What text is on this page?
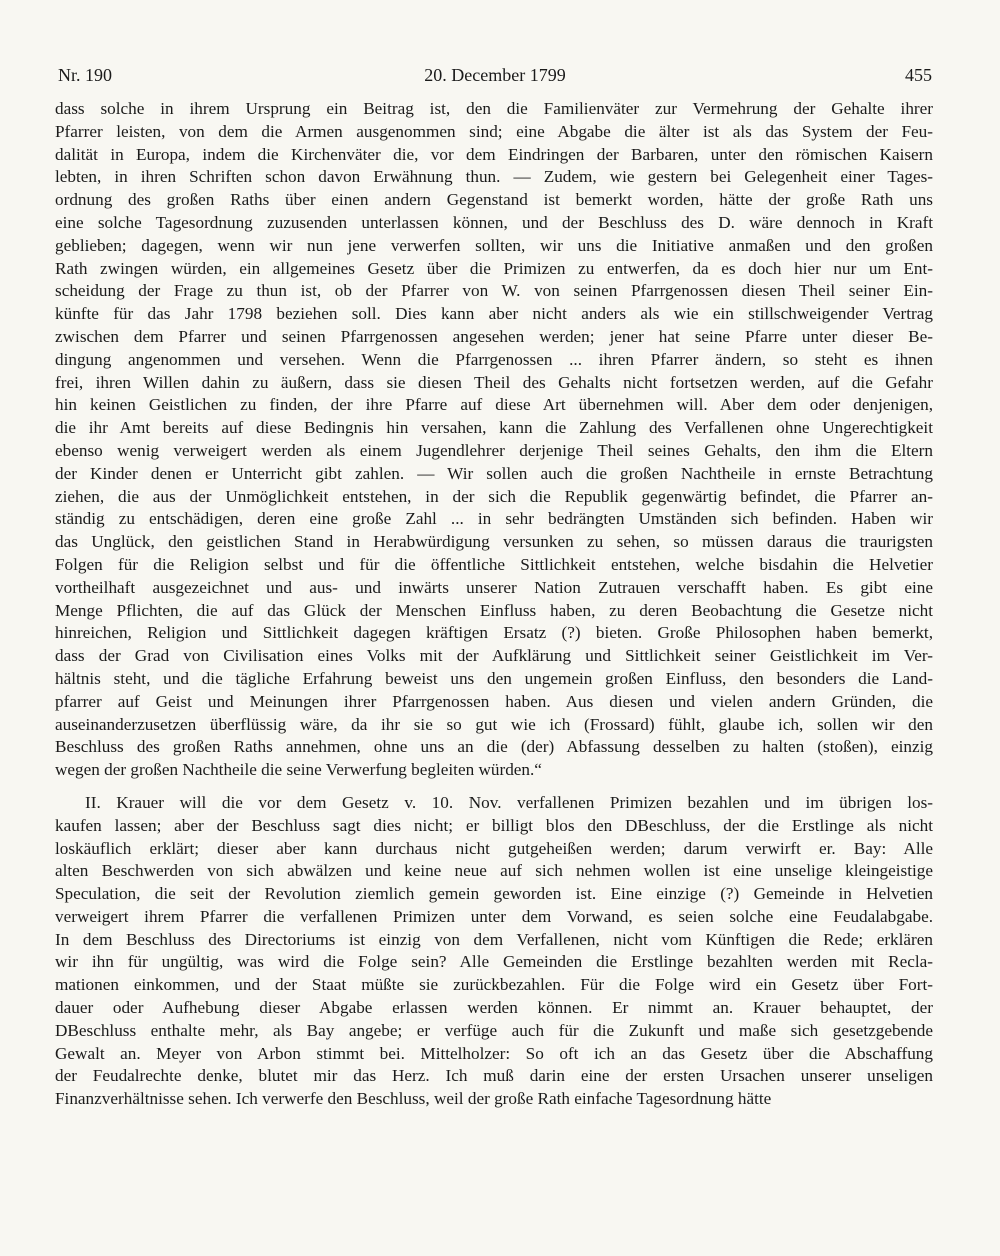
Nr. 190	20. December 1799	455
dass solche in ihrem Ursprung ein Beitrag ist, den die Familienväter zur Vermehrung der Gehalte ihrer
Pfarrer leisten, von dem die Armen ausgenommen sind; eine Abgabe die älter ist als das System der Feu-
dalität in Europa, indem die Kirchenväter die, vor dem Eindringen der Barbaren, unter den römischen Kaisern
lebten, in ihren Schriften schon davon Erwähnung thun. — Zudem, wie gestern bei Gelegenheit einer Tages-
ordnung des großen Raths über einen andern Gegenstand ist bemerkt worden, hätte der große Rath uns
eine solche Tagesordnung zuzusenden unterlassen können, und der Beschluss des D. wäre dennoch in Kraft
geblieben; dagegen, wenn wir nun jene verwerfen sollten, wir uns die Initiative anmaßen und den großen
Rath zwingen würden, ein allgemeines Gesetz über die Primizen zu entwerfen, da es doch hier nur um Ent-
scheidung der Frage zu thun ist, ob der Pfarrer von W. von seinen Pfarrgenossen diesen Theil seiner Ein-
künfte für das Jahr 1798 beziehen soll. Dies kann aber nicht anders als wie ein stillschweigender Vertrag
zwischen dem Pfarrer und seinen Pfarrgenossen angesehen werden; jener hat seine Pfarre unter dieser Be-
dingung angenommen und versehen. Wenn die Pfarrgenossen ... ihren Pfarrer ändern, so steht es ihnen
frei, ihren Willen dahin zu äußern, dass sie diesen Theil des Gehalts nicht fortsetzen werden, auf die Gefahr
hin keinen Geistlichen zu finden, der ihre Pfarre auf diese Art übernehmen will. Aber dem oder denjenigen,
die ihr Amt bereits auf diese Bedingnis hin versahen, kann die Zahlung des Verfallenen ohne Ungerechtigkeit
ebenso wenig verweigert werden als einem Jugendlehrer derjenige Theil seines Gehalts, den ihm die Eltern
der Kinder denen er Unterricht gibt zahlen. — Wir sollen auch die großen Nachtheile in ernste Betrachtung
ziehen, die aus der Unmöglichkeit entstehen, in der sich die Republik gegenwärtig befindet, die Pfarrer an-
ständig zu entschädigen, deren eine große Zahl ... in sehr bedrängten Umständen sich befinden. Haben wir
das Unglück, den geistlichen Stand in Herabwürdigung versunken zu sehen, so müssen daraus die traurigsten
Folgen für die Religion selbst und für die öffentliche Sittlichkeit entstehen, welche bisdahin die Helvetier
vortheilhaft ausgezeichnet und aus- und inwärts unserer Nation Zutrauen verschafft haben. Es gibt eine
Menge Pflichten, die auf das Glück der Menschen Einfluss haben, zu deren Beobachtung die Gesetze nicht
hinreichen, Religion und Sittlichkeit dagegen kräftigen Ersatz (?) bieten. Große Philosophen haben bemerkt,
dass der Grad von Civilisation eines Volks mit der Aufklärung und Sittlichkeit seiner Geistlichkeit im Ver-
hältnis steht, und die tägliche Erfahrung beweist uns den ungemein großen Einfluss, den besonders die Land-
pfarrer auf Geist und Meinungen ihrer Pfarrgenossen haben. Aus diesen und vielen andern Gründen, die
auseinanderzusetzen überflüssig wäre, da ihr sie so gut wie ich (Frossard) fühlt, glaube ich, sollen wir den
Beschluss des großen Raths annehmen, ohne uns an die (der) Abfassung desselben zu halten (stoßen), einzig
wegen der großen Nachtheile die seine Verwerfung begleiten würden.“
II. Krauer will die vor dem Gesetz v. 10. Nov. verfallenen Primizen bezahlen und im übrigen los-
kaufen lassen; aber der Beschluss sagt dies nicht; er billigt blos den DBeschluss, der die Erstlinge als nicht
loskäuflich erklärt; dieser aber kann durchaus nicht gutgeheißen werden; darum verwirft er. Bay: Alle
alten Beschwerden von sich abwälzen und keine neue auf sich nehmen wollen ist eine unselige kleingeistige
Speculation, die seit der Revolution ziemlich gemein geworden ist. Eine einzige (?) Gemeinde in Helvetien
verweigert ihrem Pfarrer die verfallenen Primizen unter dem Vorwand, es seien solche eine Feudalabgabe.
In dem Beschluss des Directoriums ist einzig von dem Verfallenen, nicht vom Künftigen die Rede; erklären
wir ihn für ungültig, was wird die Folge sein? Alle Gemeinden die Erstlinge bezahlten werden mit Recla-
mationen einkommen, und der Staat müßte sie zurückbezahlen. Für die Folge wird ein Gesetz über Fort-
dauer oder Aufhebung dieser Abgabe erlassen werden können. Er nimmt an. Krauer behauptet, der
DBeschluss enthalte mehr, als Bay angebe; er verfüge auch für die Zukunft und maße sich gesetzgebende
Gewalt an. Meyer von Arbon stimmt bei. Mittelholzer: So oft ich an das Gesetz über die Abschaffung
der Feudalrechte denke, blutet mir das Herz. Ich muß darin eine der ersten Ursachen unserer unseligen
Finanzverhältnisse sehen. Ich verwerfe den Beschluss, weil der große Rath einfache Tagesordnung hätte
